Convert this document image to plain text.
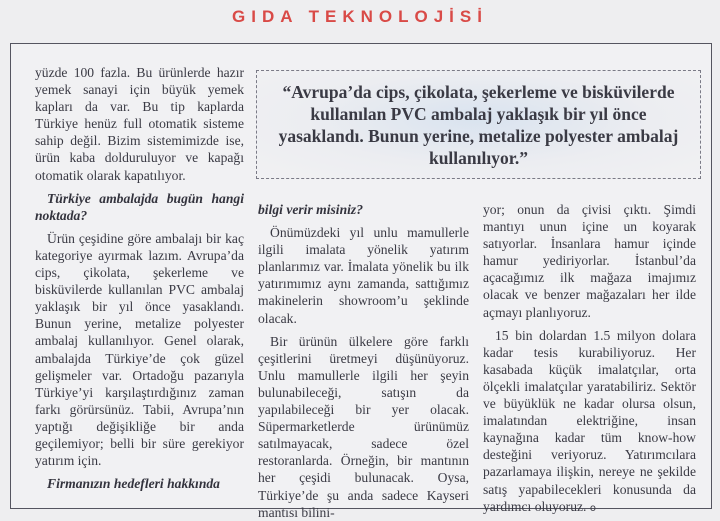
GIDA TEKNOLOJİSİ
“Avrupa’da cips, çikolata, şekerleme ve bisküvilerde kullanılan PVC ambalaj yaklaşık bir yıl önce yasaklandı. Bunun yerine, metalize polyester ambalaj kullanılıyor.”

yüzde 100 fazla. Bu ürünlerde hazır yemek sanayi için büyük yemek kapları da var. Bu tip kaplarda Türkiye henüz full otomatik sisteme sahip değil. Bizim sistemimizde ise, ürün kaba dolduruluyor ve kapağı otomatik olarak kapatılıyor.

Türkiye ambalajda bugün hangi noktada?

Ürün çeşidine göre ambalajı bir kaç kategoriye ayırmak lazım. Avrupa’da cips, çikolata, şekerleme ve bisküvilerde kullanılan PVC ambalaj yaklaşık bir yıl önce yasaklandı. Bunun yerine, metalize polyester ambalaj kullanılıyor. Genel olarak, ambalajda Türkiye’de çok güzel gelişmeler var. Ortadoğu pazarıyla Türkiye’yi karşılaştırdığınız zaman farkı görürsünüz. Tabii, Avrupa’nın yaptığı değişikliğe bir anda geçilemiyor; belli bir süre gerekiyor yatırım için.

Firmanızın hedefleri hakkında

bilgi verir misiniz?

Önümüzdeki yıl unlu mamullerle ilgili imalata yönelik yatırım planlarımız var. İmalata yönelik bu ilk yatırımımız aynı zamanda, sattığımız makinelerin showroom’u şeklinde olacak.

Bir ürünün ülkelere göre farklı çeşitlerini üretmeyi düşünüyoruz. Unlu mamullerle ilgili her şeyin bulunabileceği, satışın da yapılabileceği bir yer olacak. Süpermarketlerde ürünümüz satılmayacak, sadece özel restoranlarda. Örneğin, bir mantının her çeşidi bulunacak. Oysa, Türkiye’de şu anda sadece Kayseri mantısı bilini-

yor; onun da çivisi çıktı. Şimdi mantıyı unun içine un koyarak satıyorlar. İnsanlara hamur içinde hamur yediriyorlar. İstanbul’da açacağımız ilk mağaza imajımız olacak ve benzer mağazaları her ilde açmayı planlıyoruz.

15 bin dolardan 1.5 milyon dolara kadar tesis kurabiliyoruz. Her kasabada küçük imalatçılar, orta ölçekli imalatçılar yaratabiliriz. Sektör ve büyüklük ne kadar olursa olsun, imalatından elektriğine, insan kaynağına kadar tüm know-how desteğini veriyoruz. Yatırımcılara pazarlamaya ilişkin, nereye ne şekilde satış yapabilecekleri konusunda da yardımcı oluyoruz. o
